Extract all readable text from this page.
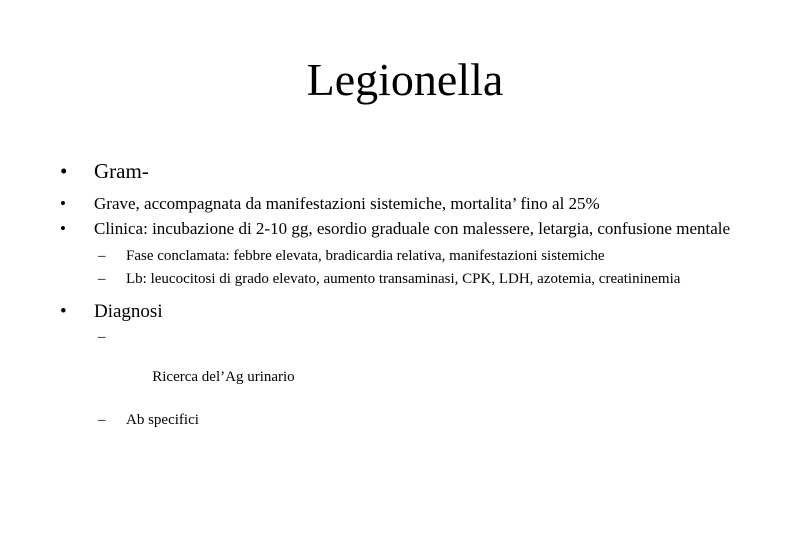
Legionella
• Gram-
• Grave, accompagnata da manifestazioni sistemiche, mortalita’ fino al 25%
• Clinica: incubazione di 2-10 gg, esordio graduale con malessere, letargia, confusione mentale
– Fase conclamata: febbre elevata, bradicardia relativa, manifestazioni sistemiche
– Lb: leucocitosi di grado elevato, aumento transaminasi, CPK, LDH, azotemia, creatininemia
• Diagnosi

–

Ricerca del’Ag urinario

– Ab specifici
